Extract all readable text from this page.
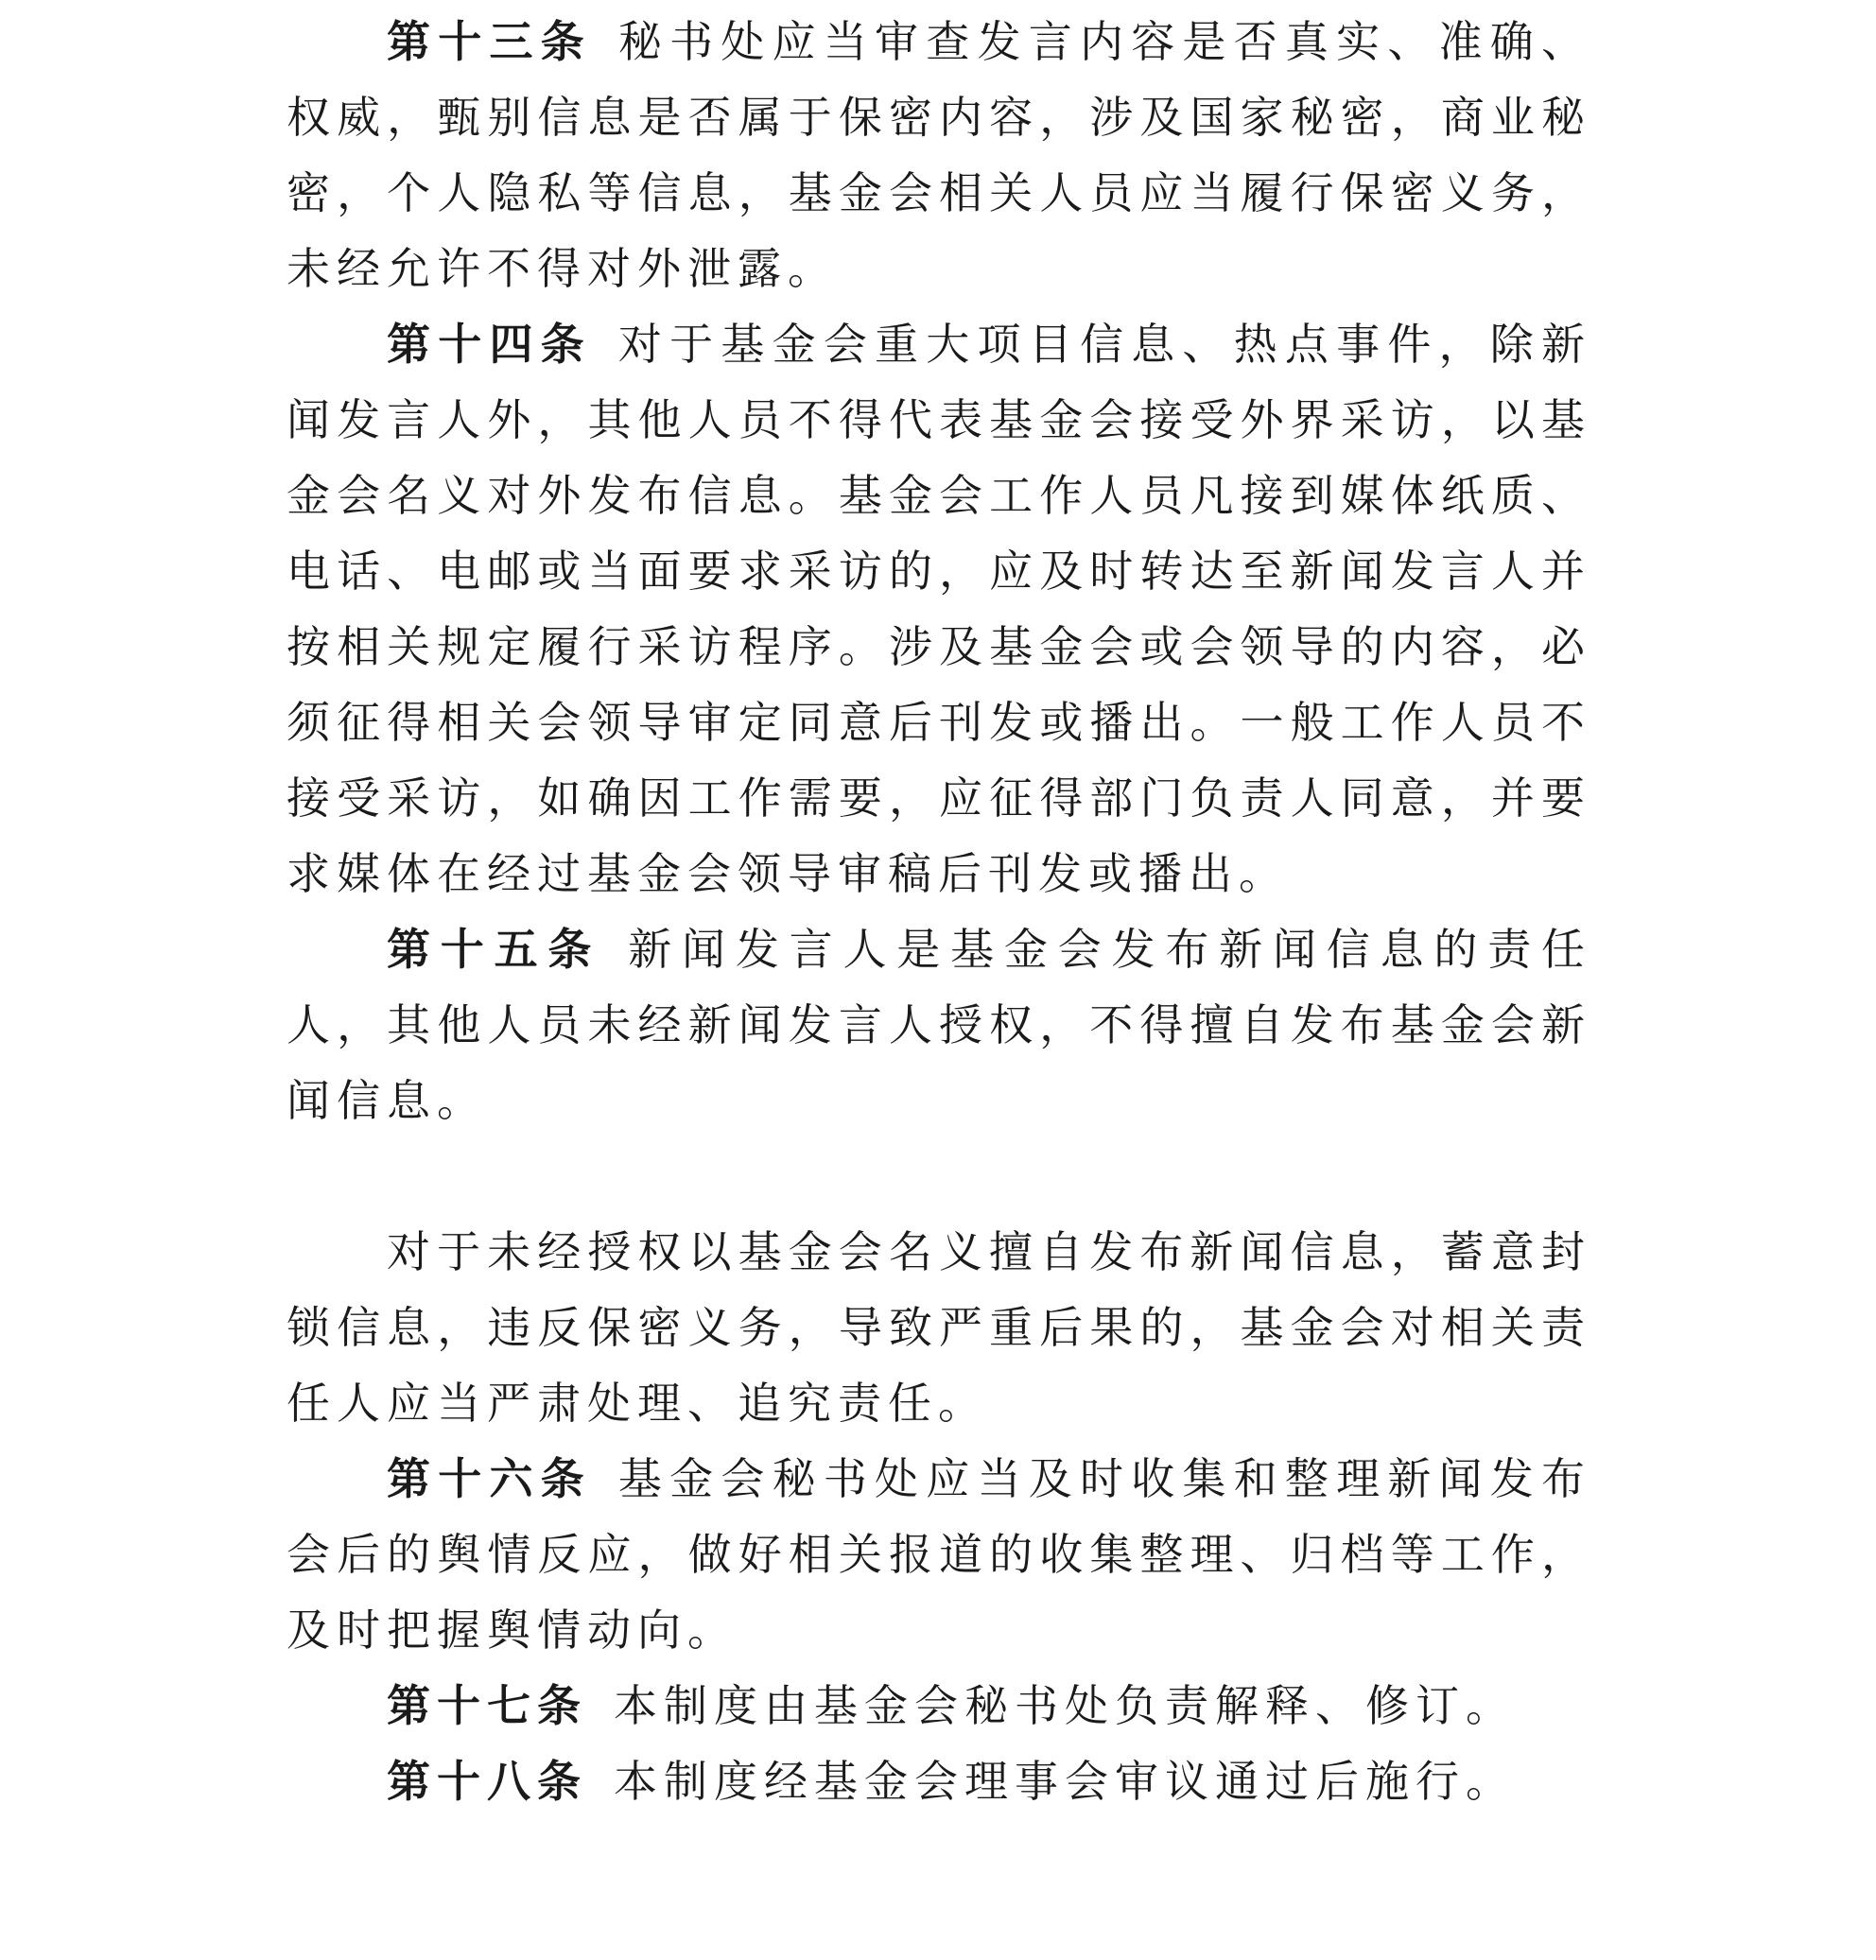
第十三条 秘书处应当审查发言内容是否真实、准确、权威，甄别信息是否属于保密内容，涉及国家秘密，商业秘密，个人隐私等信息，基金会相关人员应当履行保密义务，未经允许不得对外泄露。

第十四条 对于基金会重大项目信息、热点事件，除新闻发言人外，其他人员不得代表基金会接受外界采访，以基金会名义对外发布信息。基金会工作人员凡接到媒体纸质、电话、电邮或当面要求采访的，应及时转达至新闻发言人并按相关规定履行采访程序。涉及基金会或会领导的内容，必须征得相关会领导审定同意后刊发或播出。一般工作人员不接受采访，如确因工作需要，应征得部门负责人同意，并要求媒体在经过基金会领导审稿后刊发或播出。

第十五条 新闻发言人是基金会发布新闻信息的责任人，其他人员未经新闻发言人授权，不得擅自发布基金会新闻信息。

对于未经授权以基金会名义擅自发布新闻信息，蓄意封锁信息，违反保密义务，导致严重后果的，基金会对相关责任人应当严肃处理、追究责任。

第十六条 基金会秘书处应当及时收集和整理新闻发布会后的舆情反应，做好相关报道的收集整理、归档等工作，及时把握舆情动向。

第十七条 本制度由基金会秘书处负责解释、修订。

第十八条 本制度经基金会理事会审议通过后施行。
